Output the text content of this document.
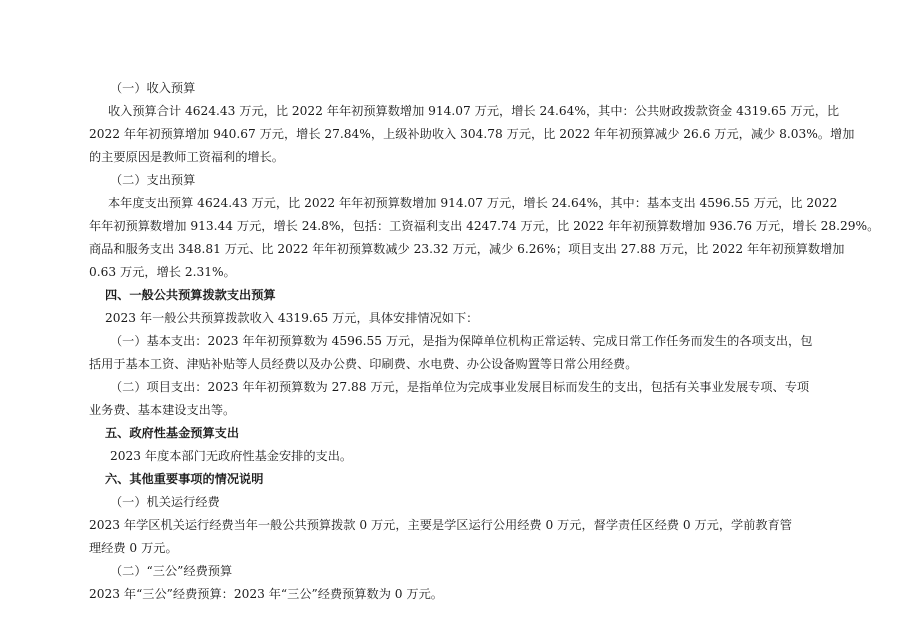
（一）收入预算
收入预算合计 4624.43 万元，比 2022 年年初预算数增加 914.07 万元，增长 24.64%，其中：公共财政拨款资金 4319.65 万元，比
2022 年年初预算增加 940.67 万元，增长 27.84%，上级补助收入 304.78 万元，比 2022 年年初预算减少 26.6 万元，减少 8.03%。增加
的主要原因是教师工资福利的增长。
（二）支出预算
本年度支出预算 4624.43 万元，比 2022 年年初预算数增加 914.07 万元，增长 24.64%，其中：基本支出 4596.55 万元，比 2022
年年初预算数增加 913.44 万元，增长 24.8%，包括：工资福利支出 4247.74 万元，比 2022 年年初预算数增加 936.76 万元，增长 28.29%。
商品和服务支出 348.81 万元、比 2022 年年初预算数减少 23.32 万元，减少 6.26%；项目支出 27.88 万元，比 2022 年年初预算数增加
0.63 万元，增长 2.31%。
四、一般公共预算拨款支出预算
2023 年一般公共预算拨款收入 4319.65 万元，具体安排情况如下：
（一）基本支出：2023 年年初预算数为 4596.55 万元，是指为保障单位机构正常运转、完成日常工作任务而发生的各项支出，包
括用于基本工资、津贴补贴等人员经费以及办公费、印刷费、水电费、办公设备购置等日常公用经费。
（二）项目支出：2023 年年初预算数为 27.88 万元，是指单位为完成事业发展目标而发生的支出，包括有关事业发展专项、专项
业务费、基本建设支出等。
五、政府性基金预算支出
2023 年度本部门无政府性基金安排的支出。
六、其他重要事项的情况说明
（一）机关运行经费
2023 年学区机关运行经费当年一般公共预算拨款 0 万元，主要是学区运行公用经费 0 万元，督学责任区经费 0 万元，学前教育管
理经费 0 万元。
（二）“三公”经费预算
2023 年“三公”经费预算：2023 年“三公”经费预算数为 0 万元。
